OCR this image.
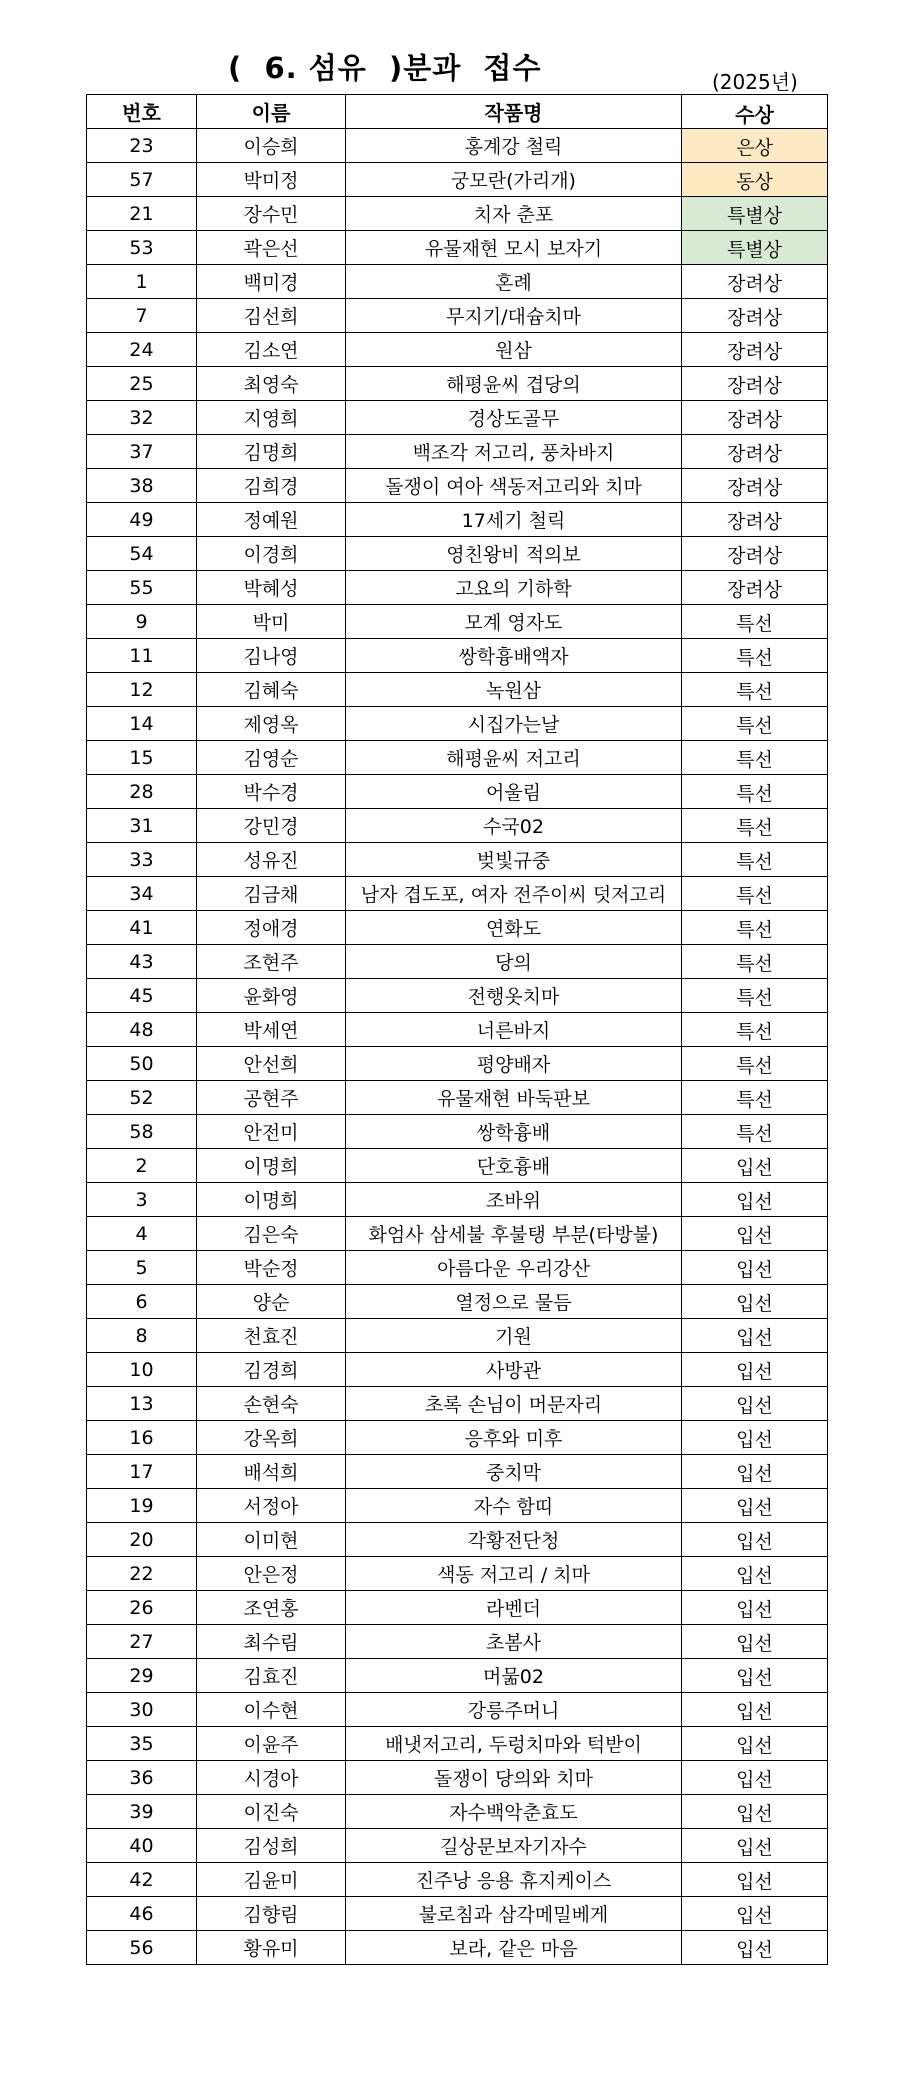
(  6. 섬유  )분과  접수	(2025년)
번호	이름	작품명	수상
23	이승희	홍계강 철릭	은상
57	박미정	궁모란(가리개)	동상
21	장수민	치자 춘포	특별상
53	곽은선	유물재현 모시 보자기	특별상
1	백미경	혼례	장려상
7	김선희	무지기/대슘치마	장려상
24	김소연	원삼	장려상
25	최영숙	해평윤씨 겹당의	장려상
32	지영희	경상도골무	장려상
37	김명희	백조각 저고리, 풍차바지	장려상
38	김희경	돌쟁이 여아 색동저고리와 치마	장려상
49	정예원	17세기 철릭	장려상
54	이경희	영친왕비 적의보	장려상
55	박혜성	고요의 기하학	장려상
9	박미	모계 영자도	특선
11	김나영	쌍학흉배액자	특선
12	김혜숙	녹원삼	특선
14	제영옥	시집가는날	특선
15	김영순	해평윤씨 저고리	특선
28	박수경	어울림	특선
31	강민경	수국02	특선
33	성유진	벚빛규중	특선
34	김금채	남자 겹도포, 여자 전주이씨 덧저고리	특선
41	정애경	연화도	특선
43	조현주	당의	특선
45	윤화영	전행옷치마	특선
48	박세연	너른바지	특선
50	안선희	평양배자	특선
52	공현주	유물재현 바둑판보	특선
58	안전미	쌍학흉배	특선
2	이명희	단호흉배	입선
3	이명희	조바위	입선
4	김은숙	화엄사 삼세불 후불탱 부분(타방불)	입선
5	박순정	아름다운 우리강산	입선
6	양순	열정으로 물듬	입선
8	천효진	기원	입선
10	김경희	사방관	입선
13	손현숙	초록 손님이 머문자리	입선
16	강옥희	응후와 미후	입선
17	배석희	중치막	입선
19	서정아	자수 함띠	입선
20	이미현	각황전단청	입선
22	안은정	색동 저고리 / 치마	입선
26	조연홍	라벤더	입선
27	최수림	초봄사	입선
29	김효진	머묾02	입선
30	이수현	강릉주머니	입선
35	이윤주	배냇저고리, 두렁치마와 턱받이	입선
36	시경아	돌쟁이 당의와 치마	입선
39	이진숙	자수백악춘효도	입선
40	김성희	길상문보자기자수	입선
42	김윤미	진주낭 응용 휴지케이스	입선
46	김향림	불로침과 삼각메밀베게	입선
56	황유미	보라, 같은 마음	입선
